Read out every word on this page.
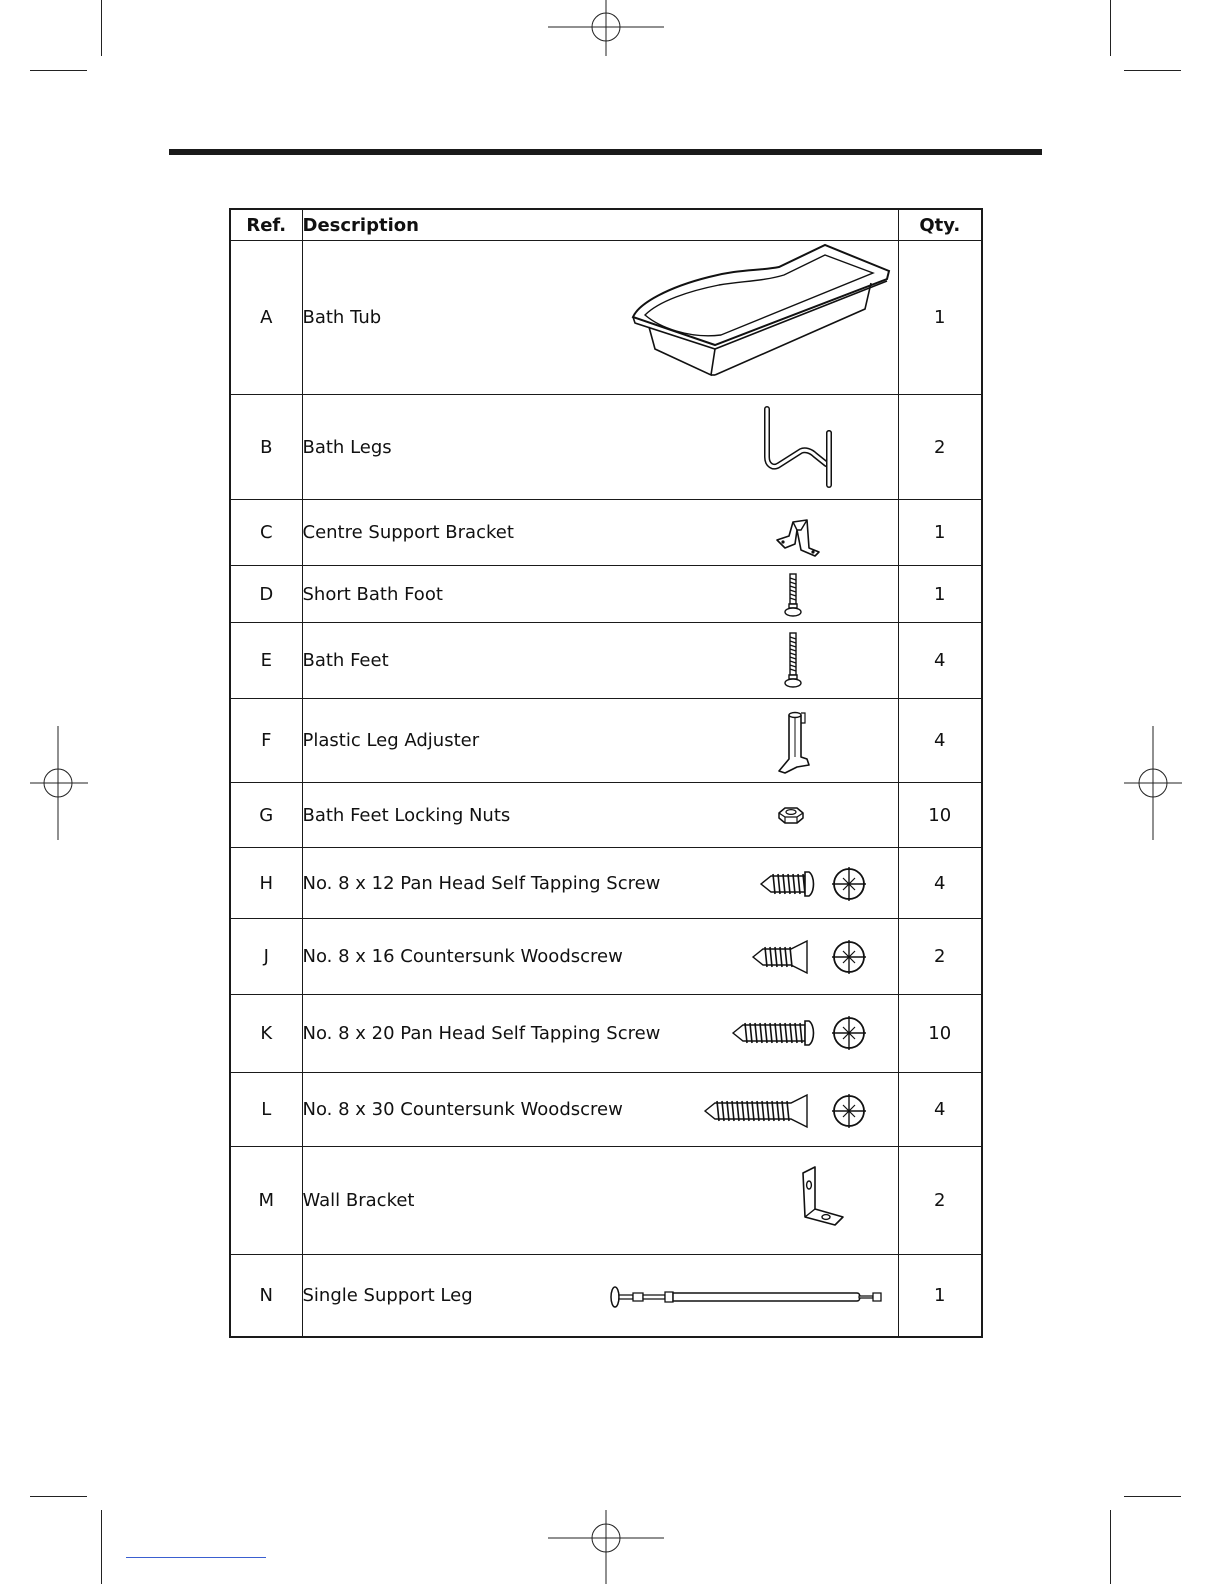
Ref.	Description	Qty.
A	Bath Tub	1
B	Bath Legs	2
C	Centre Support Bracket	1
D	Short Bath Foot	1
E	Bath Feet	4
F	Plastic Leg Adjuster	4
G	Bath Feet Locking Nuts	10
H	No. 8 x 12 Pan Head Self Tapping Screw	4
J	No. 8 x 16 Countersunk Woodscrew	2
K	No. 8 x 20 Pan Head Self Tapping Screw	10
L	No. 8 x 30 Countersunk Woodscrew	4
M	Wall Bracket	2
N	Single Support Leg	1
